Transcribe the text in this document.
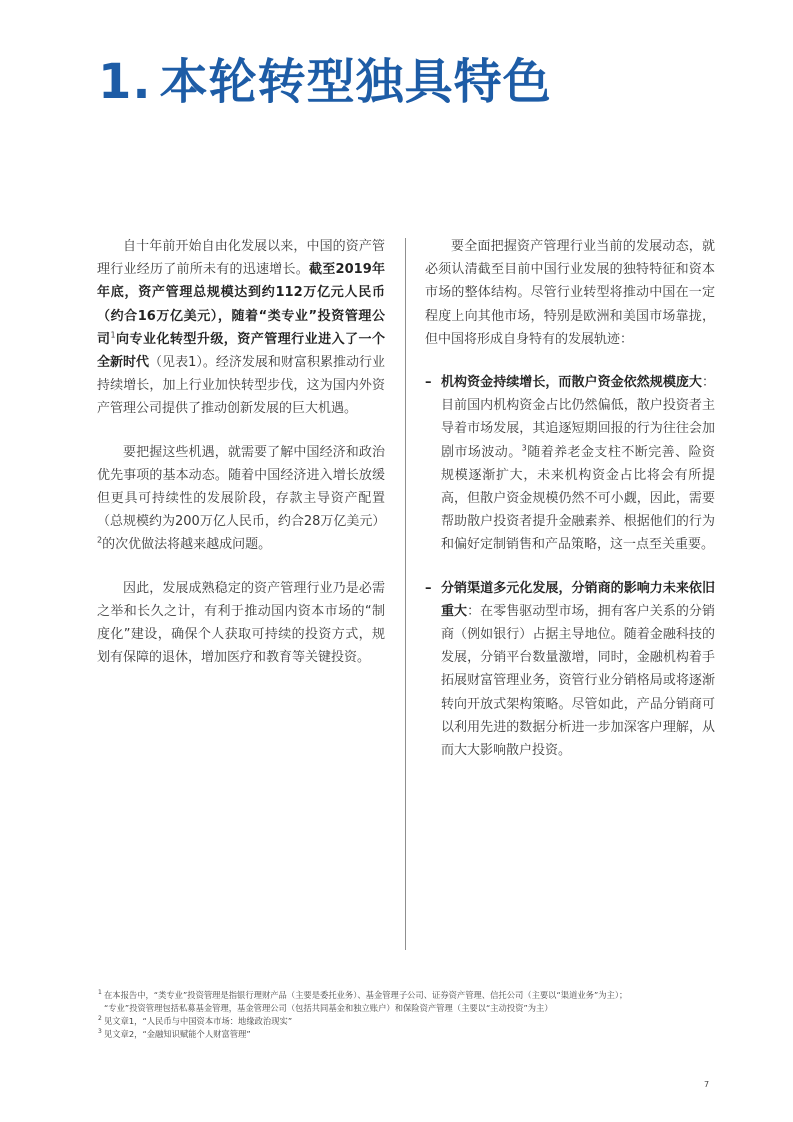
1. 本轮转型独具特色

自十年前开始自由化发展以来，中国的资产管理行业经历了前所未有的迅速增长。截至2019年年底，资产管理总规模达到约112万亿元人民币（约合16万亿美元），随着“类专业”投资管理公司$^1$向专业化转型升级，资产管理行业进入了一个全新时代（见表1）。经济发展和财富积累推动行业持续增长，加上行业加快转型步伐，这为国内外资产管理公司提供了推动创新发展的巨大机遇。

要把握这些机遇，就需要了解中国经济和政治优先事项的基本动态。随着中国经济进入增长放缓但更具可持续性的发展阶段，存款主导资产配置（总规模约为200万亿人民币，约合28万亿美元）$^2$的次优做法将越来越成问题。

因此，发展成熟稳定的资产管理行业乃是必需之举和长久之计，有利于推动国内资本市场的“制度化”建设，确保个人获取可持续的投资方式，规划有保障的退休，增加医疗和教育等关键投资。

要全面把握资产管理行业当前的发展动态，就必须认清截至目前中国行业发展的独特特征和资本市场的整体结构。尽管行业转型将推动中国在一定程度上向其他市场，特别是欧洲和美国市场靠拢，但中国将形成自身特有的发展轨迹：

– 机构资金持续增长，而散户资金依然规模庞大：目前国内机构资金占比仍然偏低，散户投资者主导着市场发展，其追逐短期回报的行为往往会加剧市场波动。$^3$随着养老金支柱不断完善、险资规模逐渐扩大，未来机构资金占比将会有所提高，但散户资金规模仍然不可小觑，因此，需要帮助散户投资者提升金融素养、根据他们的行为和偏好定制销售和产品策略，这一点至关重要。
– 分销渠道多元化发展，分销商的影响力未来依旧重大：在零售驱动型市场，拥有客户关系的分销商（例如银行）占据主导地位。随着金融科技的发展，分销平台数量激增，同时，金融机构着手拓展财富管理业务，资管行业分销格局或将逐渐转向开放式架构策略。尽管如此，产品分销商可以利用先进的数据分析进一步加深客户理解，从而大大影响散户投资。
1 在本报告中，“类专业”投资管理是指银行理财产品（主要是委托业务）、基金管理子公司、证券资产管理、信托公司（主要以“渠道业务”为主）；
“专业”投资管理包括私募基金管理，基金管理公司（包括共同基金和独立账户）和保险资产管理（主要以“主动投资”为主）
2 见文章1，“人民币与中国资本市场：地缘政治现实”
3 见文章2，“金融知识赋能个人财富管理”
7
